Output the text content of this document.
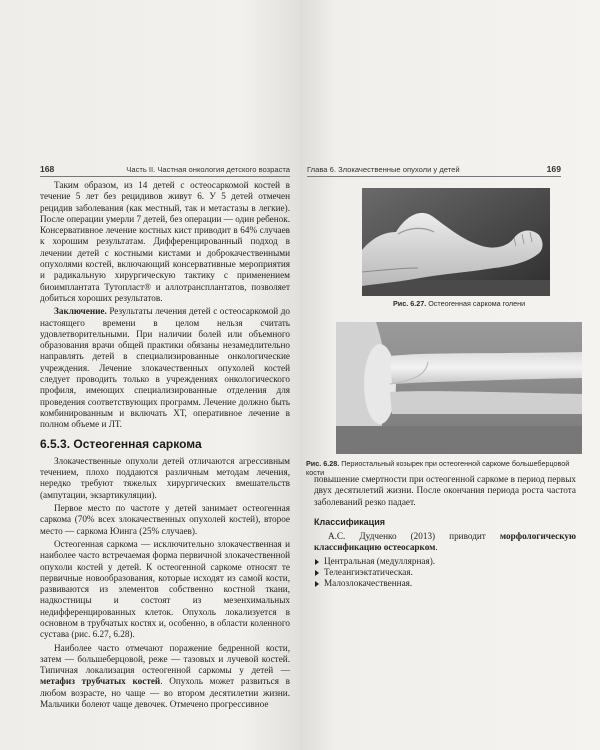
168	Часть II. Частная онкология детского возраста

Таким образом, из 14 детей с остеосаркомой костей в течение 5 лет без рецидивов живут 6. У 5 детей отмечен рецидив заболевания (как местный, так и метастазы в легкие). После операции умерли 7 детей, без операции — один ребенок. Консервативное лечение костных кист приводит в 64% случаев к хорошим результатам. Дифференцированный подход в лечении детей с костными кистами и доброкачественными опухолями костей, включающий консервативные мероприятия и радикальную хирургическую тактику с применением биоимплантата Тутопласт® и аллотрансплантатов, позволяет добиться хороших результатов.

Заключение. Результаты лечения детей с остеосаркомой до настоящего времени в целом нельзя считать удовлетворительными. При наличии болей или объемного образования врачи общей практики обязаны незамедлительно направлять детей в специализированные онкологические учреждения. Лечение злокачественных опухолей костей следует проводить только в учреждениях онкологического профиля, имеющих специализированные отделения для проведения соответствующих программ. Лечение должно быть комбинированным и включать ХТ, оперативное лечение в полном объеме и ЛТ.

6.5.3. Остеогенная саркома

Злокачественные опухоли детей отличаются агрессивным течением, плохо поддаются различным методам лечения, нередко требуют тяжелых хирургических вмешательств (ампутации, экзартикуляции).

Первое место по частоте у детей занимает остеогенная саркома (70% всех злокачественных опухолей костей), второе место — саркома Юинга (25% случаев).

Остеогенная саркома — исключительно злокачественная и наиболее часто встречаемая форма первичной злокачественной опухоли костей у детей. К остеогенной саркоме относят те первичные новообразования, которые исходят из самой кости, развиваются из элементов собственно костной ткани, надкостницы и состоят из мезенхимальных недифференцированных клеток. Опухоль локализуется в основном в трубчатых костях и, особенно, в области коленного сустава (рис. 6.27, 6.28).

Наиболее часто отмечают поражение бедренной кости, затем — большеберцовой, реже — тазовых и лучевой костей. Типичная локализация остеогенной саркомы у детей — метафиз трубчатых костей. Опухоль может развиться в любом возрасте, но чаще — во втором десятилетии жизни. Мальчики болеют чаще девочек. Отмечено прогрессивное

Глава 6. Злокачественные опухоли у детей	169
Рис. 6.27. Остеогенная саркома голени
Рис. 6.28. Периостальный козырек при остеогенной саркоме большеберцовой кости

повышение смертности при остеогенной саркоме в период первых двух десятилетий жизни. После окончания периода роста частота заболеваний резко падает.

Классификация

А.С. Дудченко (2013) приводит морфологическую классификацию остеосарком.

Центральная (медуллярная).
Телеангиэктатическая.
Малозлокачественная.
